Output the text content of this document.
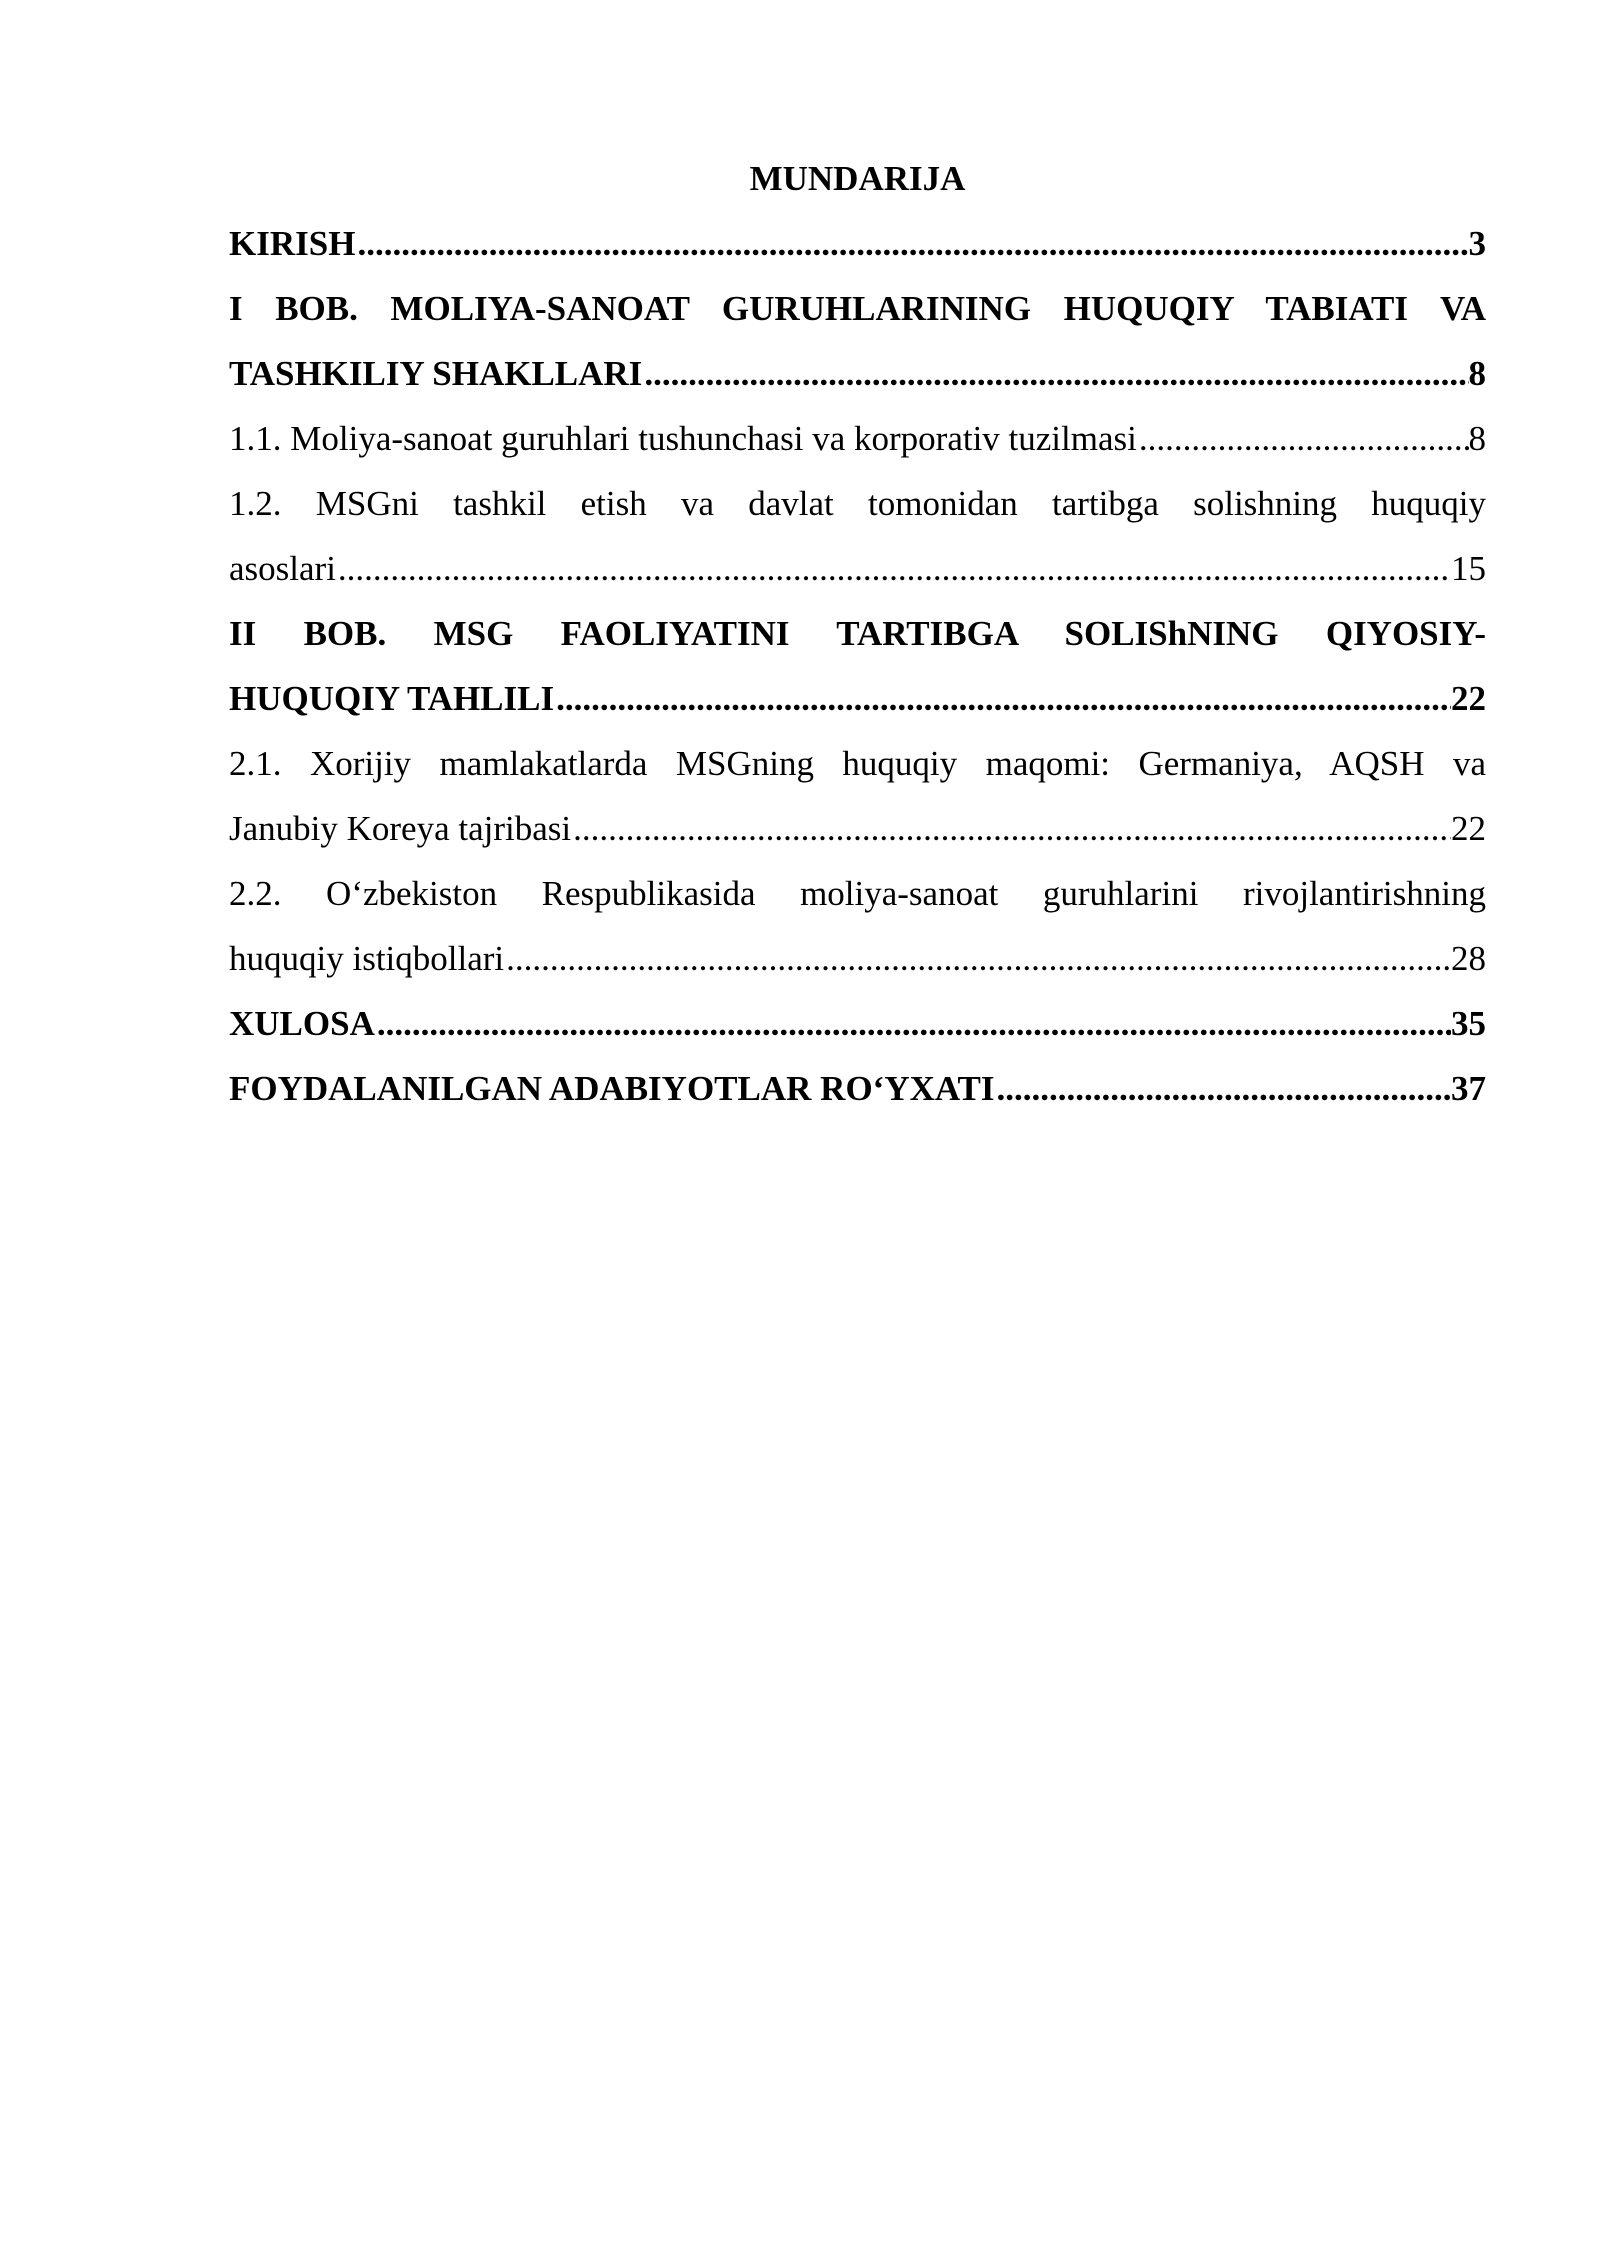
MUNDARIJA
KIRISH .....	3
I BOB. MOLIYA-SANOAT GURUHLARINING HUQUQIY TABIATI VA
TASHKILIY SHAKLLARI .....	8
1.1. Moliya-sanoat guruhlari tushunchasi va korporativ tuzilmasi .....	8
1.2. MSGni tashkil etish va davlat tomonidan tartibga solishning huquqiy
asoslari .....	15
II BOB. MSG FAOLIYATINI TARTIBGA SOLIShNING QIYOSIY-
HUQUQIY TAHLILI .....	22
2.1. Xorijiy mamlakatlarda MSGning huquqiy maqomi: Germaniya, AQSH va
Janubiy Koreya tajribasi .....	22
2.2. O‘zbekiston Respublikasida moliya-sanoat guruhlarini rivojlantirishning
huquqiy istiqbollari .....	28
XULOSA .....	35
FOYDALANILGAN ADABIYOTLAR RO‘YXATI .....	37
